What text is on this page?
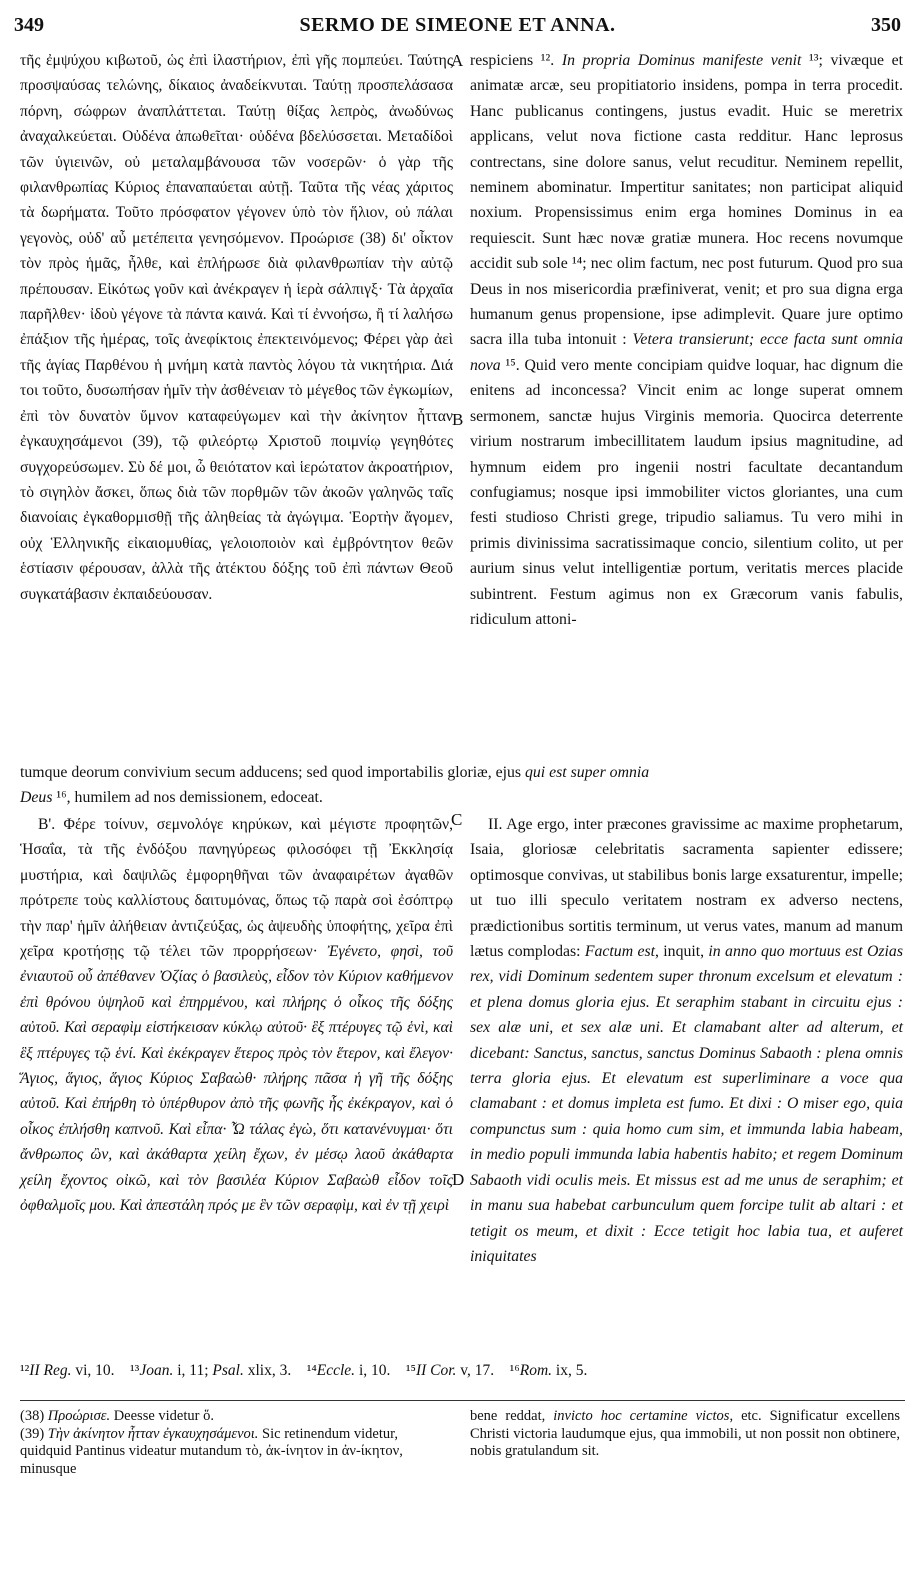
349	SERMO DE SIMEONE ET ANNA.	350

τῆς ἐμψύχου κιβωτοῦ, ὡς ἐπὶ ἱλαστήριον, ἐπὶ γῆς πομπεύει. Ταύτης προσψαύσας τελώνης, δίκαιος ἀναδείκνυται. Ταύτῃ προσπελάσασα πόρνη, σώφρων ἀναπλάττεται. Ταύτῃ θίξας λεπρὸς, ἀνωδύνως ἀναχαλκεύεται. Οὐδένα ἀπωθεῖται· οὐδένα βδελύσσεται. Μεταδίδοὶ τῶν ὑγιεινῶν, οὐ μεταλαμβάνουσα τῶν νοσερῶν· ὁ γὰρ τῆς φιλανθρωπίας Κύριος ἐπαναπαύεται αὐτῇ. Ταῦτα τῆς νέας χάριτος τὰ δωρήματα. Τοῦτο πρόσφατον γέγονεν ὑπὸ τὸν ἥλιον, οὐ πάλαι γεγονὸς, οὐδ' αὖ μετέπειτα γενησόμενον. Προώρισε (38) δι' οἶκτον τὸν πρὸς ἡμᾶς, ἦλθε, καὶ ἐπλήρωσε διὰ φιλανθρωπίαν τὴν αὐτῷ πρέπουσαν. Εἰκότως γοῦν καὶ ἀνέκραγεν ἡ ἱερὰ σάλπιγξ· Τὰ ἀρχαῖα παρῆλθεν· ἰδοὺ γέγονε τὰ πάντα καινά. Καὶ τί ἐννοήσω, ἢ τί λαλήσω ἐπάξιον τῆς ἡμέρας, τοῖς ἀνεφίκτοις ἐπεκτεινόμενος; Φέρει γὰρ ἀεὶ τῆς ἁγίας Παρθένου ἡ μνήμη κατὰ παντὸς λόγου τὰ νικητήρια. Διά τοι τοῦτο, δυσωπήσαν ἡμῖν τὴν ἀσθένειαν τὸ μέγεθος τῶν ἐγκωμίων, ἐπὶ τὸν δυνατὸν ὕμνον καταφεύγωμεν καὶ τὴν ἀκίνητον ἧτταν ἐγκαυχησάμενοι (39), τῷ φιλεόρτῳ Χριστοῦ ποιμνίῳ γεγηθότες συγχορεύσωμεν. Σὺ δέ μοι, ὦ θειότατον καὶ ἱερώτατον ἀκροατήριον, τὸ σιγηλὸν ἄσκει, ὅπως διὰ τῶν πορθμῶν τῶν ἀκοῶν γαληνῶς ταῖς διανοίαις ἐγκαθορμισθῇ τῆς ἀληθείας τὰ ἀγώγιμα. Ἑορτὴν ἄγομεν, οὐχ Ἑλληνικῆς εἰκαιομυθίας, γελοιοποιὸν καὶ ἐμβρόντητον θεῶν ἑστίασιν φέρουσαν, ἀλλὰ τῆς ἀτέκτου δόξης τοῦ ἐπὶ πάντων Θεοῦ συγκατάβασιν ἐκπαιδεύουσαν.

respiciens ¹². In propria Dominus manifeste venit ¹³; vivæque et animatæ arcæ, seu propitiatorio insidens, pompa in terra procedit. Hanc publicanus contingens, justus evadit. Huic se meretrix applicans, velut nova fictione casta redditur. Hanc leprosus contrectans, sine dolore sanus, velut recuditur. Neminem repellit, neminem abominatur. Impertitur sanitates; non participat aliquid noxium. Propensissimus enim erga homines Dominus in ea requiescit. Sunt hæc novæ gratiæ munera. Hoc recens novumque accidit sub sole ¹⁴; nec olim factum, nec post futurum. Quod pro sua Deus in nos misericordia præfiniverat, venit; et pro sua digna erga humanum genus propensione, ipse adimplevit. Quare jure optimo sacra illa tuba intonuit : Vetera transierunt; ecce facta sunt omnia nova ¹⁵. Quid vero mente concipiam quidve loquar, hac dignum die enitens ad inconcessa? Vincit enim ac longe superat omnem sermonem, sanctæ hujus Virginis memoria. Quocirca deterrente virium nostrarum imbecillitatem laudum ipsius magnitudine, ad hymnum eidem pro ingenii nostri facultate decantandum confugiamus; nosque ipsi immobiliter victos gloriantes, una cum festi studioso Christi grege, tripudio saliamus. Tu vero mihi in primis divinissima sacratissimaque concio, silentium colito, ut per aurium sinus velut intelligentiæ portum, veritatis merces placide subintrent. Festum agimus non ex Græcorum vanis fabulis, ridiculum attoni-

A
B
C
D

tumque deorum convivium secum adducens; sed quod importabilis gloriæ, ejus qui est super omnia

Deus ¹⁶, humilem ad nos demissionem, edoceat.

Β'. Φέρε τοίνυν, σεμνολόγε κηρύκων, καὶ μέγιστε προφητῶν, Ἡσαΐα, τὰ τῆς ἐνδόξου πανηγύρεως φιλοσόφει τῇ Ἐκκλησίᾳ μυστήρια, καὶ δαψιλῶς ἐμφορηθῆναι τῶν ἀναφαιρέτων ἀγαθῶν πρότρεπε τοὺς καλλίστους δαιτυμόνας, ὅπως τῷ παρὰ σοὶ ἐσόπτρῳ τὴν παρ' ἡμῖν ἀλήθειαν ἀντιζεύξας, ὡς ἀψευδὴς ὑποφήτης, χεῖρα ἐπὶ χεῖρα κροτήσῃς τῷ τέλει τῶν προρρήσεων· Ἐγένετο, φησὶ, τοῦ ἐνιαυτοῦ οὗ ἀπέθανεν Ὀζίας ὁ βασιλεὺς, εἶδον τὸν Κύριον καθήμενον ἐπὶ θρόνου ὑψηλοῦ καὶ ἐπηρμένου, καὶ πλήρης ὁ οἶκος τῆς δόξης αὐτοῦ. Καὶ σεραφὶμ εἱστήκεισαν κύκλῳ αὐτοῦ· ἓξ πτέρυγες τῷ ἑνὶ, καὶ ἓξ πτέρυγες τῷ ἑνί. Καὶ ἐκέκραγεν ἕτερος πρὸς τὸν ἕτερον, καὶ ἔλεγον· Ἅγιος, ἅγιος, ἅγιος Κύριος Σαβαὼθ· πλήρης πᾶσα ἡ γῆ τῆς δόξης αὐτοῦ. Καὶ ἐπήρθη τὸ ὑπέρθυρον ἀπὸ τῆς φωνῆς ἧς ἐκέκραγον, καὶ ὁ οἶκος ἐπλήσθη καπνοῦ. Καὶ εἶπα· Ὦ τάλας ἐγὼ, ὅτι κατανένυγμαι· ὅτι ἄνθρωπος ὢν, καὶ ἀκάθαρτα χείλη ἔχων, ἐν μέσῳ λαοῦ ἀκάθαρτα χείλη ἔχοντος οἰκῶ, καὶ τὸν βασιλέα Κύριον Σαβαὼθ εἶδον τοῖς ὀφθαλμοῖς μου. Καὶ ἀπεστάλη πρός με ἓν τῶν σεραφὶμ, καὶ ἐν τῇ χειρὶ

II. Age ergo, inter præcones gravissime ac maxime prophetarum, Isaia, gloriosæ celebritatis sacramenta sapienter edissere; optimosque convivas, ut stabilibus bonis large exsaturentur, impelle; ut tuo illi speculo veritatem nostram ex adverso nectens, prædictionibus sortitis terminum, ut verus vates, manum ad manum lætus complodas: Factum est, inquit, in anno quo mortuus est Ozias rex, vidi Dominum sedentem super thronum excelsum et elevatum : et plena domus gloria ejus. Et seraphim stabant in circuitu ejus : sex alæ uni, et sex alæ uni. Et clamabant alter ad alterum, et dicebant: Sanctus, sanctus, sanctus Dominus Sabaoth : plena omnis terra gloria ejus. Et elevatum est superliminare a voce qua clamabant : et domus impleta est fumo. Et dixi : O miser ego, quia compunctus sum : quia homo cum sim, et immunda labia habeam, in medio populi immunda labia habentis habito; et regem Dominum Sabaoth vidi oculis meis. Et missus est ad me unus de seraphim; et in manu sua habebat carbunculum quem forcipe tulit ab altari : et tetigit os meum, et dixit : Ecce tetigit hoc labia tua, et auferet iniquitates

¹²II Reg. vi, 10. ¹³Joan. i, 11; Psal. xlix, 3. ¹⁴Eccle. i, 10. ¹⁵II Cor. v, 17. ¹⁶Rom. ix, 5.

(38) Προώρισε. Deesse videtur ὅ.

(39) Τὴν ἀκίνητον ἧτταν ἐγκαυχησάμενοι. Sic retinendum videtur, quidquid Pantinus videatur mutandum τὸ, ἀκ-ίνητον in ἀν-ίκητον, minusque

bene reddat, invicto hoc certamine victos, etc. Significatur excellens Christi victoria laudumque ejus, qua immobili, ut non possit non obtinere, nobis gratulandum sit.
